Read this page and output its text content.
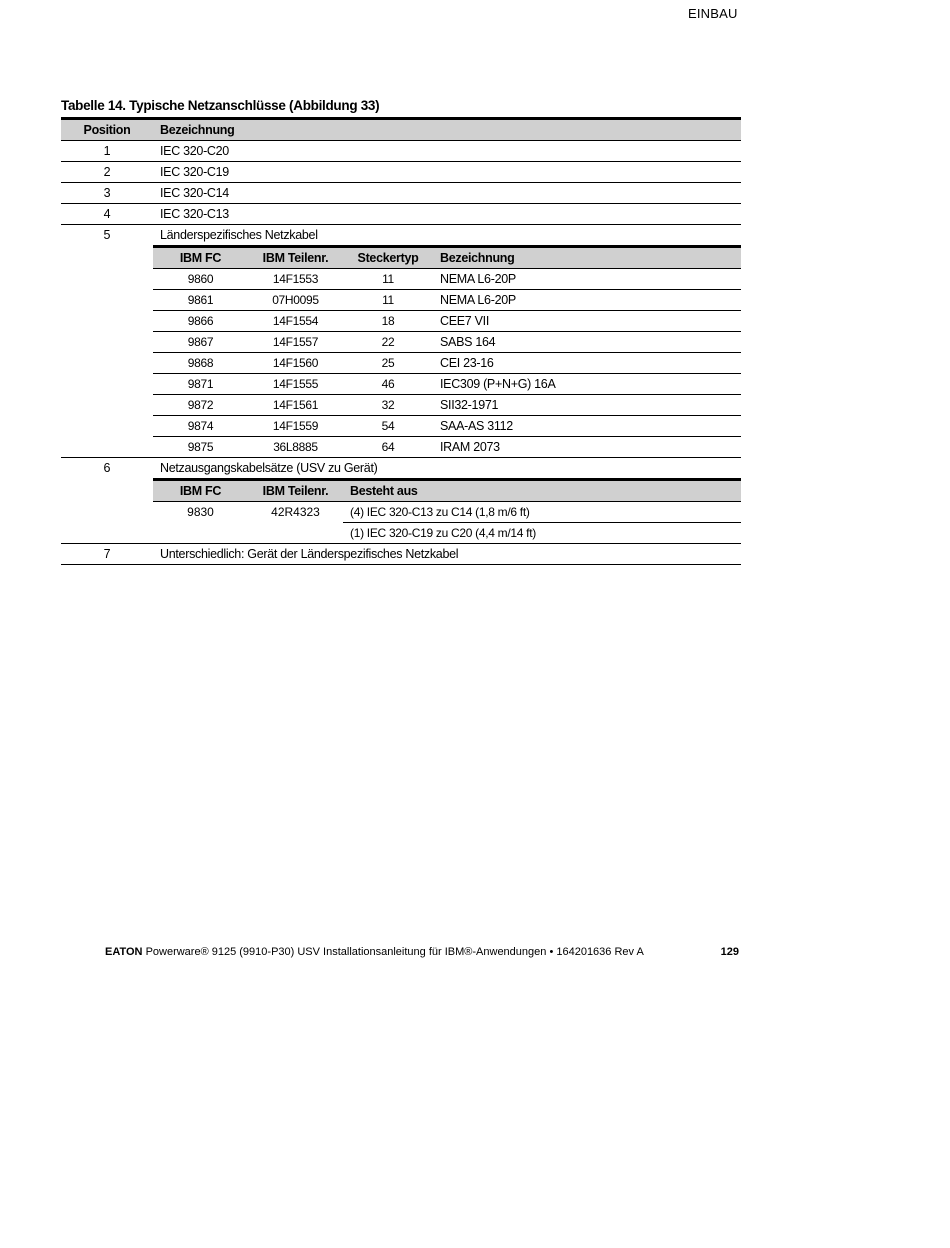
EINBAU
Tabelle 14. Typische Netzanschlüsse (Abbildung 33)
Position	Bezeichnung
1	IEC 320-C20
2	IEC 320-C19
3	IEC 320-C14
4	IEC 320-C13
5	Länderspezifisches Netzkabel
IBM FC	IBM Teilenr.	Steckertyp	Bezeichnung
9860	14F1553	11	NEMA L6-20P
9861	07H0095	11	NEMA L6-20P
9866	14F1554	18	CEE7 VII
9867	14F1557	22	SABS 164
9868	14F1560	25	CEI 23-16
9871	14F1555	46	IEC309 (P+N+G) 16A
9872	14F1561	32	SII32-1971
9874	14F1559	54	SAA-AS 3112
9875	36L8885	64	IRAM 2073
6	Netzausgangskabelsätze (USV zu Gerät)
IBM FC	IBM Teilenr.	Besteht aus
9830	42R4323	(4) IEC 320-C13 zu C14 (1,8 m/6 ft)
(1) IEC 320-C19 zu C20 (4,4 m/14 ft)
7	Unterschiedlich: Gerät der Länderspezifisches Netzkabel
EATON Powerware® 9125 (9910-P30) USV Installationsanleitung für IBM®-Anwendungen • 164201636 Rev A	129
